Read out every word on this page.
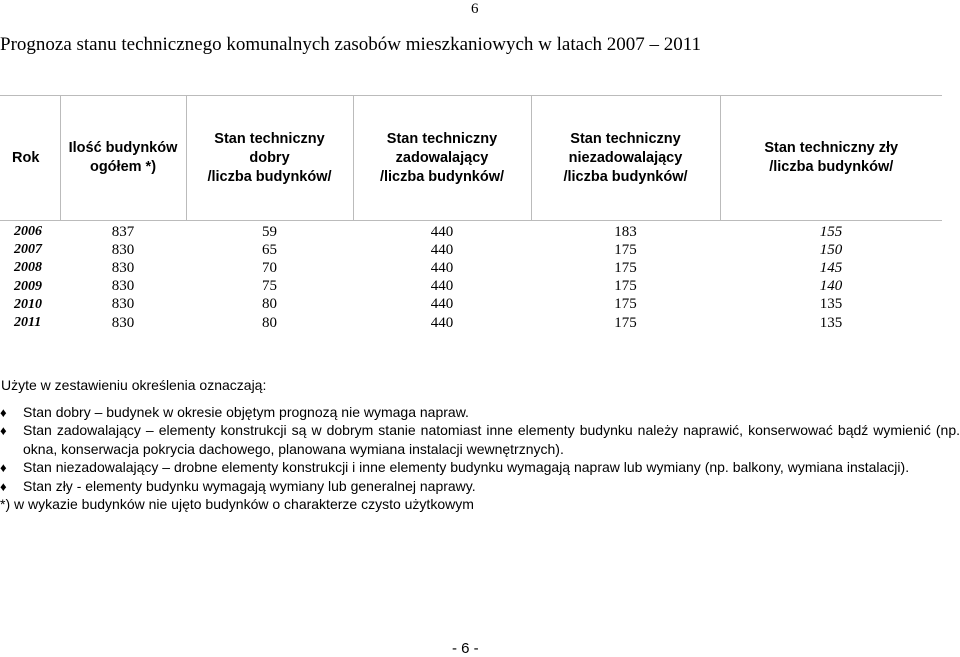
6
Prognoza stanu technicznego komunalnych zasobów mieszkaniowych w latach 2007 – 2011
Rok

Ilość budynków
ogółem *)

Stan techniczny
dobry
/liczba budynków/

Stan techniczny
zadowalający
/liczba budynków/

Stan techniczny
niezadowalający
/liczba budynków/

Stan techniczny zły
/liczba budynków/
2006	837	59	440	183	155
2007	830	65	440	175	150
2008	830	70	440	175	145
2009	830	75	440	175	140
2010	830	80	440	175	135
2011	830	80	440	175	135
Użyte w zestawieniu określenia oznaczają:
♦ Stan dobry – budynek w okresie objętym prognozą nie wymaga napraw.
♦ Stan zadowalający – elementy konstrukcji są w dobrym stanie natomiast inne elementy budynku należy naprawić, konserwować bądź wymienić (np. okna, konserwacja pokrycia dachowego, planowana wymiana instalacji wewnętrznych).
♦ Stan niezadowalający – drobne elementy konstrukcji i inne elementy budynku wymagają napraw lub wymiany (np. balkony, wymiana instalacji).
♦ Stan zły - elementy budynku wymagają wymiany lub generalnej naprawy.
*) w wykazie budynków nie ujęto budynków o charakterze czysto użytkowym
- 6 -
